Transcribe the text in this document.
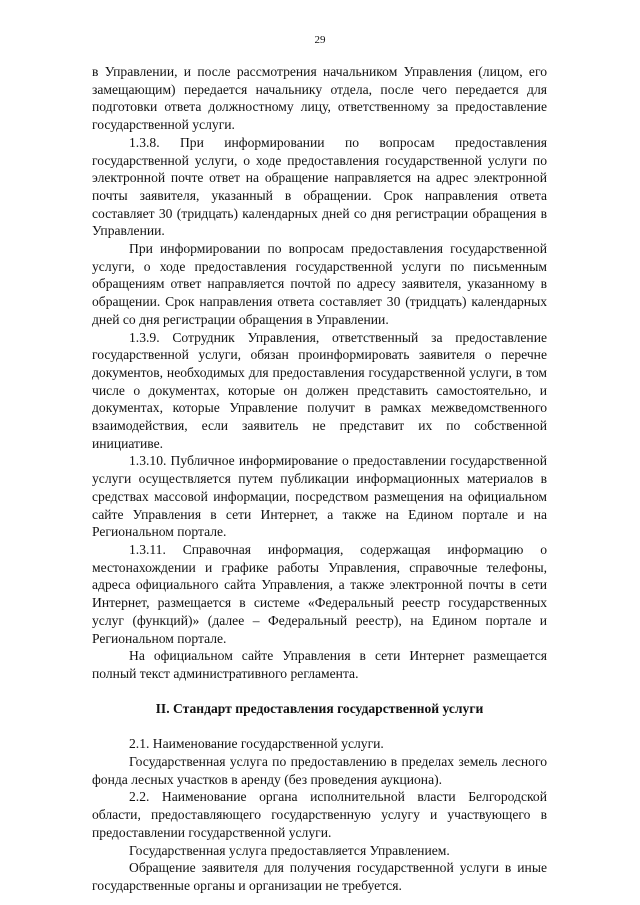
29

в Управлении, и после рассмотрения начальником Управления (лицом, его замещающим) передается начальнику отдела, после чего передается для подготовки ответа должностному лицу, ответственному за предоставление государственной услуги.

1.3.8. При информировании по вопросам предоставления государственной услуги, о ходе предоставления государственной услуги по электронной почте ответ на обращение направляется на адрес электронной почты заявителя, указанный в обращении. Срок направления ответа составляет 30 (тридцать) календарных дней со дня регистрации обращения в Управлении.

При информировании по вопросам предоставления государственной услуги, о ходе предоставления государственной услуги по письменным обращениям ответ направляется почтой по адресу заявителя, указанному в обращении. Срок направления ответа составляет 30 (тридцать) календарных дней со дня регистрации обращения в Управлении.

1.3.9. Сотрудник Управления, ответственный за предоставление государственной услуги, обязан проинформировать заявителя о перечне документов, необходимых для предоставления государственной услуги, в том числе о документах, которые он должен представить самостоятельно, и документах, которые Управление получит в рамках межведомственного взаимодействия, если заявитель не представит их по собственной инициативе.

1.3.10. Публичное информирование о предоставлении государственной услуги осуществляется путем публикации информационных материалов в средствах массовой информации, посредством размещения на официальном сайте Управления в сети Интернет, а также на Едином портале и на Региональном портале.

1.3.11. Справочная информация, содержащая информацию о местонахождении и графике работы Управления, справочные телефоны, адреса официального сайта Управления, а также электронной почты в сети Интернет, размещается в системе «Федеральный реестр государственных услуг (функций)» (далее – Федеральный реестр), на Едином портале и Региональном портале.

На официальном сайте Управления в сети Интернет размещается полный текст административного регламента.

II. Стандарт предоставления государственной услуги

2.1. Наименование государственной услуги.

Государственная услуга по предоставлению в пределах земель лесного фонда лесных участков в аренду (без проведения аукциона).

2.2. Наименование органа исполнительной власти Белгородской области, предоставляющего государственную услугу и участвующего в предоставлении государственной услуги.

Государственная услуга предоставляется Управлением.

Обращение заявителя для получения государственной услуги в иные государственные органы и организации не требуется.
